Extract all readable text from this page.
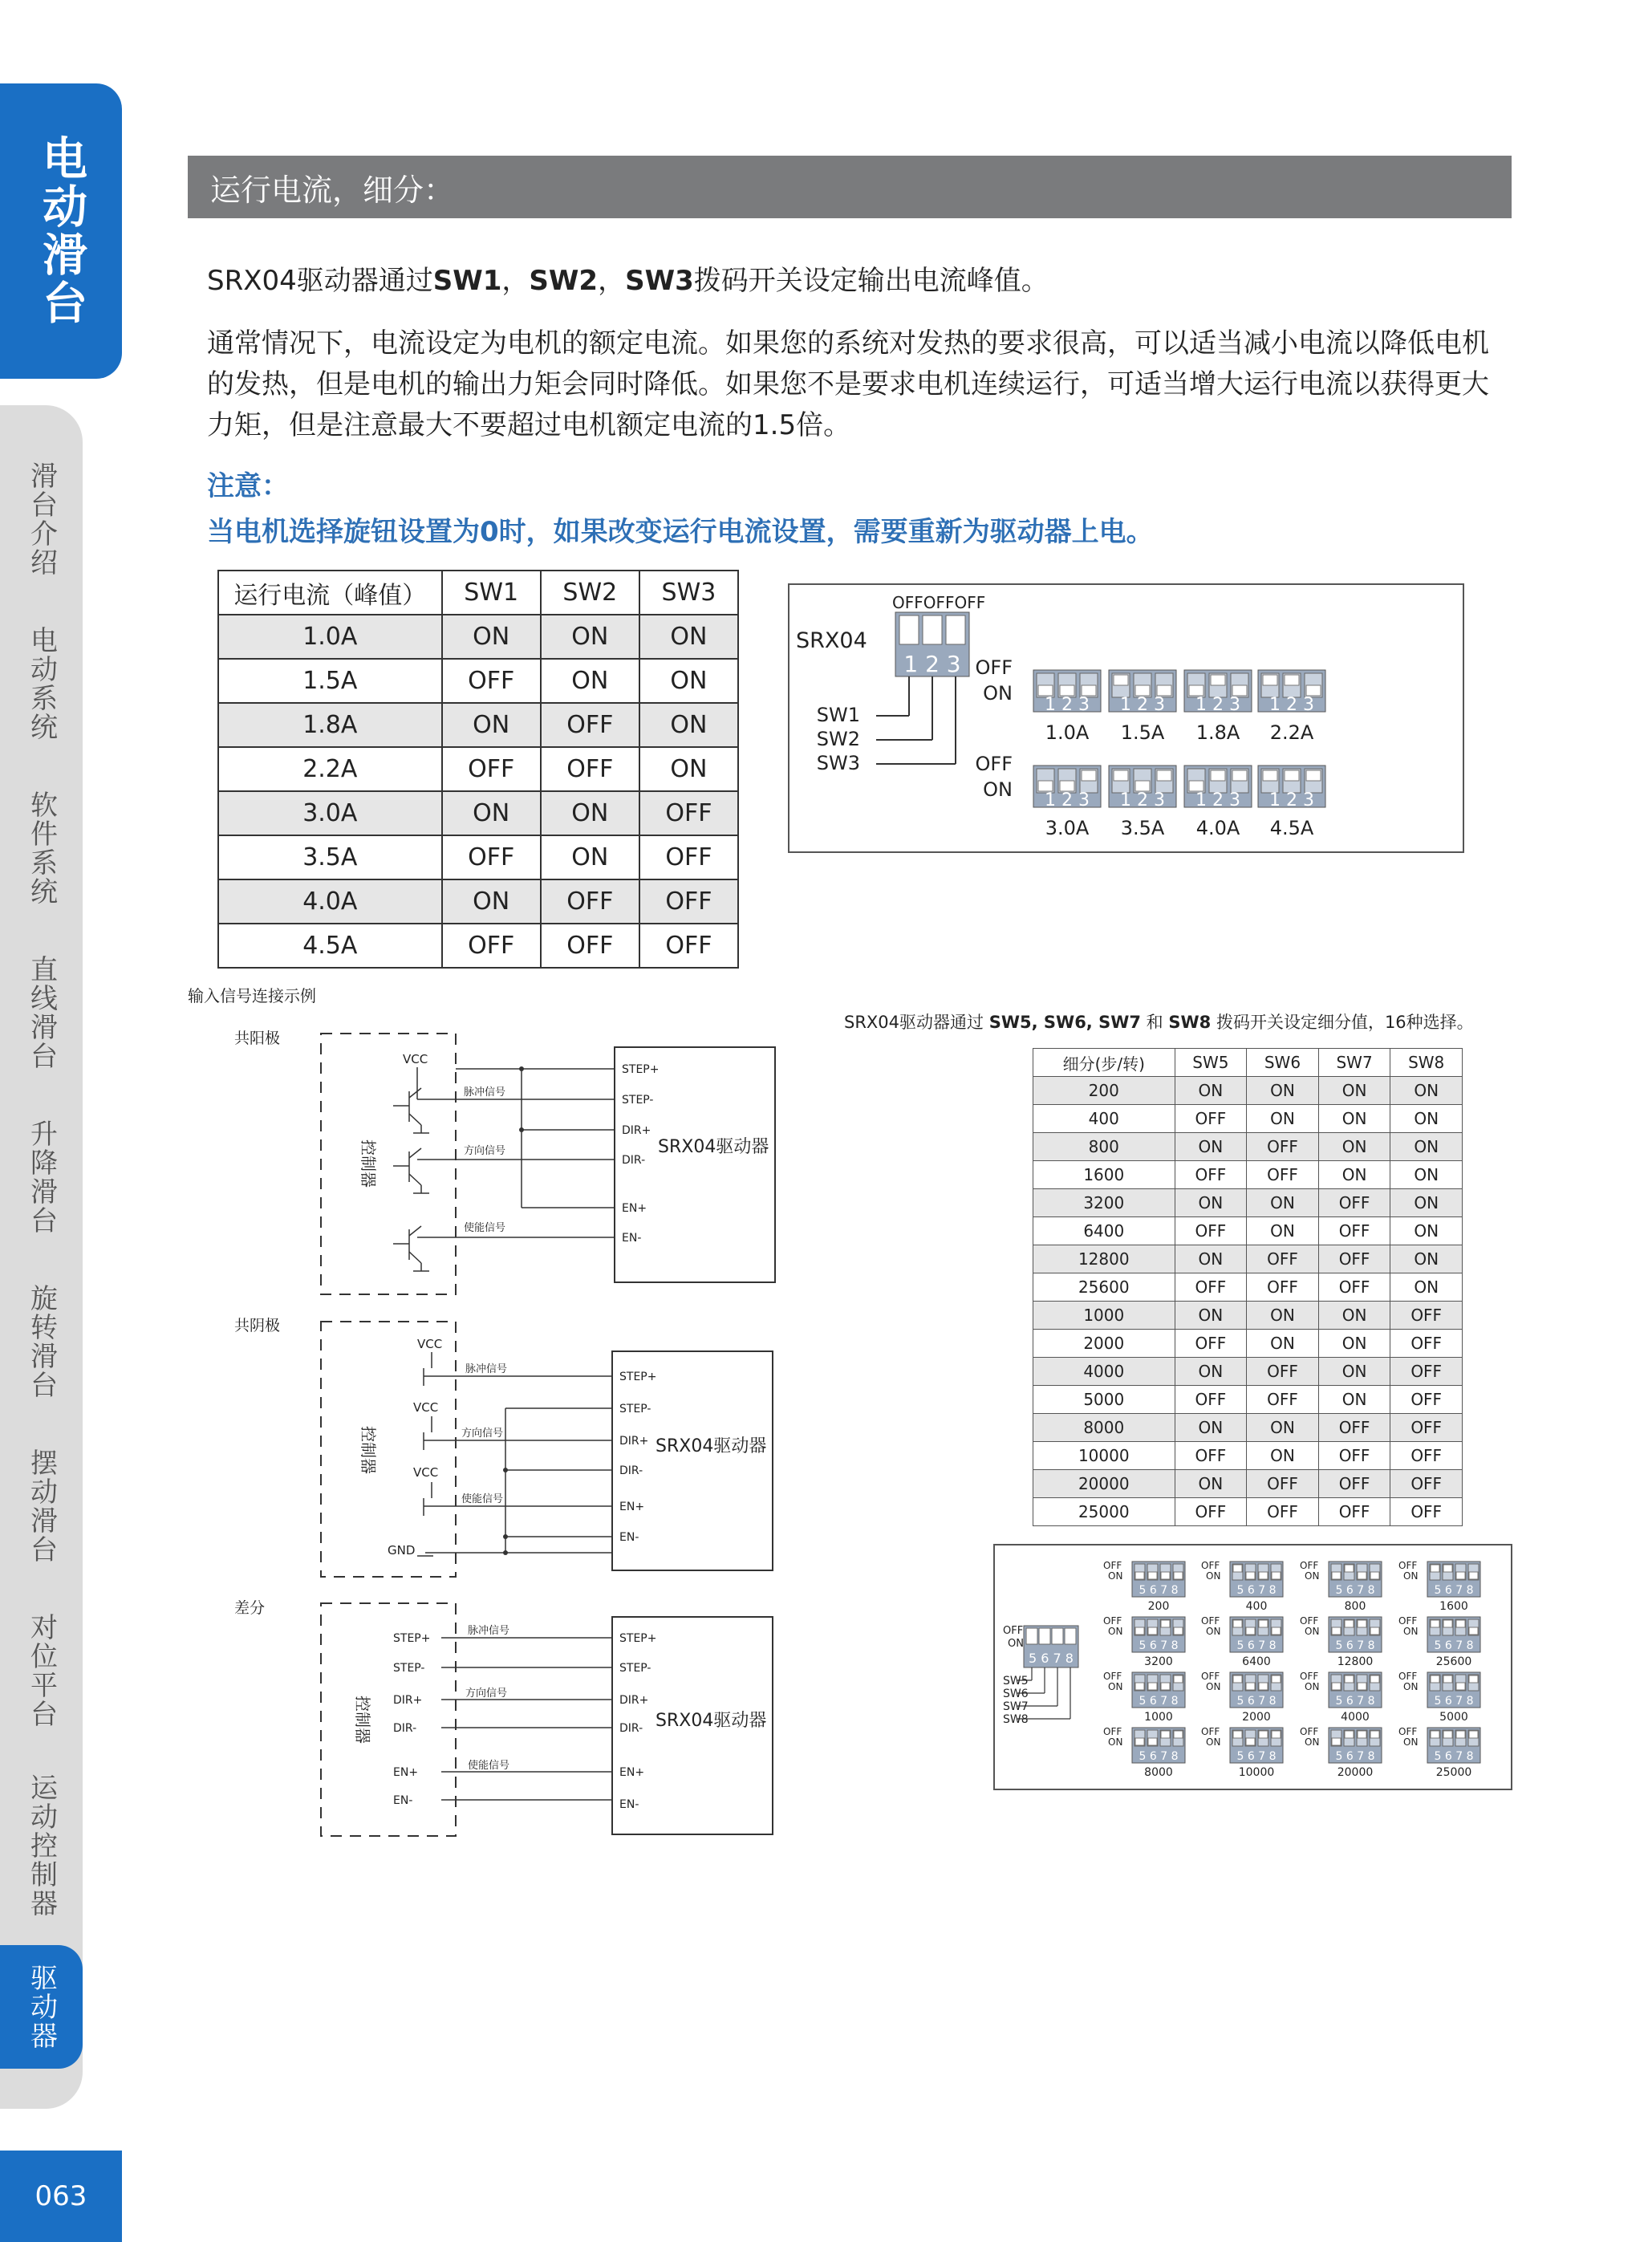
电动滑台
滑台介绍
电动系统
软件系统
直线滑台
升降滑台
旋转滑台
摆动滑台
对位平台
运动控制器
驱动器
063
运行电流，细分：
SRX04驱动器通过SW1，SW2，SW3拨码开关设定输出电流峰值。
通常情况下，电流设定为电机的额定电流。如果您的系统对发热的要求很高，可以适当减小电流以降低电机的发热，但是电机的输出力矩会同时降低。如果您不是要求电机连续运行，可适当增大运行电流以获得更大力矩，但是注意最大不要超过电机额定电流的1.5倍。
注意：
当电机选择旋钮设置为0时，如果改变运行电流设置，需要重新为驱动器上电。
运行电流（峰值）	SW1	SW2	SW3
1.0A	ON	ON	ON
1.5A	OFF	ON	ON
1.8A	ON	OFF	ON
2.2A	OFF	OFF	ON
3.0A	ON	ON	OFF
3.5A	OFF	ON	OFF
4.0A	ON	OFF	OFF
4.5A	OFF	OFF	OFF
SRX04
OFFOFFOFF
1 2 3
SW1
SW2
SW3
OFF
ON
OFF
ON
1 2 3
1.0A
1 2 3
1.5A
1 2 3
1.8A
1 2 3
2.2A
1 2 3
3.0A
1 2 3
3.5A
1 2 3
4.0A
1 2 3
4.5A
输入信号连接示例
共阳极
共阴极
差分
控制器	SRX04驱动器
VCC
脉冲信号
方向信号
使能信号
STEP+
STEP-
DIR+
DIR-
EN+
EN-
控制器	SRX04驱动器
VCC
VCC
VCC
GND
脉冲信号
方向信号
使能信号
STEP+
STEP-
DIR+
DIR-
EN+
EN-
控制器	SRX04驱动器
STEP+
STEP-
DIR+
DIR-
EN+
EN-
脉冲信号
方向信号
使能信号
STEP+
STEP-
DIR+
DIR-
EN+
EN-
SRX04驱动器通过 SW5, SW6, SW7 和 SW8 拨码开关设定细分值，16种选择。
细分(步/转)	SW5	SW6	SW7	SW8
200	ON	ON	ON	ON
400	OFF	ON	ON	ON
800	ON	OFF	ON	ON
1600	OFF	OFF	ON	ON
3200	ON	ON	OFF	ON
6400	OFF	ON	OFF	ON
12800	ON	OFF	OFF	ON
25600	OFF	OFF	OFF	ON
1000	ON	ON	ON	OFF
2000	OFF	ON	ON	OFF
4000	ON	OFF	ON	OFF
5000	OFF	OFF	ON	OFF
8000	ON	ON	OFF	OFF
10000	OFF	ON	OFF	OFF
20000	ON	OFF	OFF	OFF
25000	OFF	OFF	OFF	OFF
OFF
ON
5 6 7 8
SW5
SW6
SW7
SW8
OFF
ON
5 6 7 8
200
OFF
ON
5 6 7 8
400
OFF
ON
5 6 7 8
800
OFF
ON
5 6 7 8
1600
OFF
ON
5 6 7 8
3200
OFF
ON
5 6 7 8
6400
OFF
ON
5 6 7 8
12800
OFF
ON
5 6 7 8
25600
OFF
ON
5 6 7 8
1000
OFF
ON
5 6 7 8
2000
OFF
ON
5 6 7 8
4000
OFF
ON
5 6 7 8
5000
OFF
ON
5 6 7 8
8000
OFF
ON
5 6 7 8
10000
OFF
ON
5 6 7 8
20000
OFF
ON
5 6 7 8
25000
